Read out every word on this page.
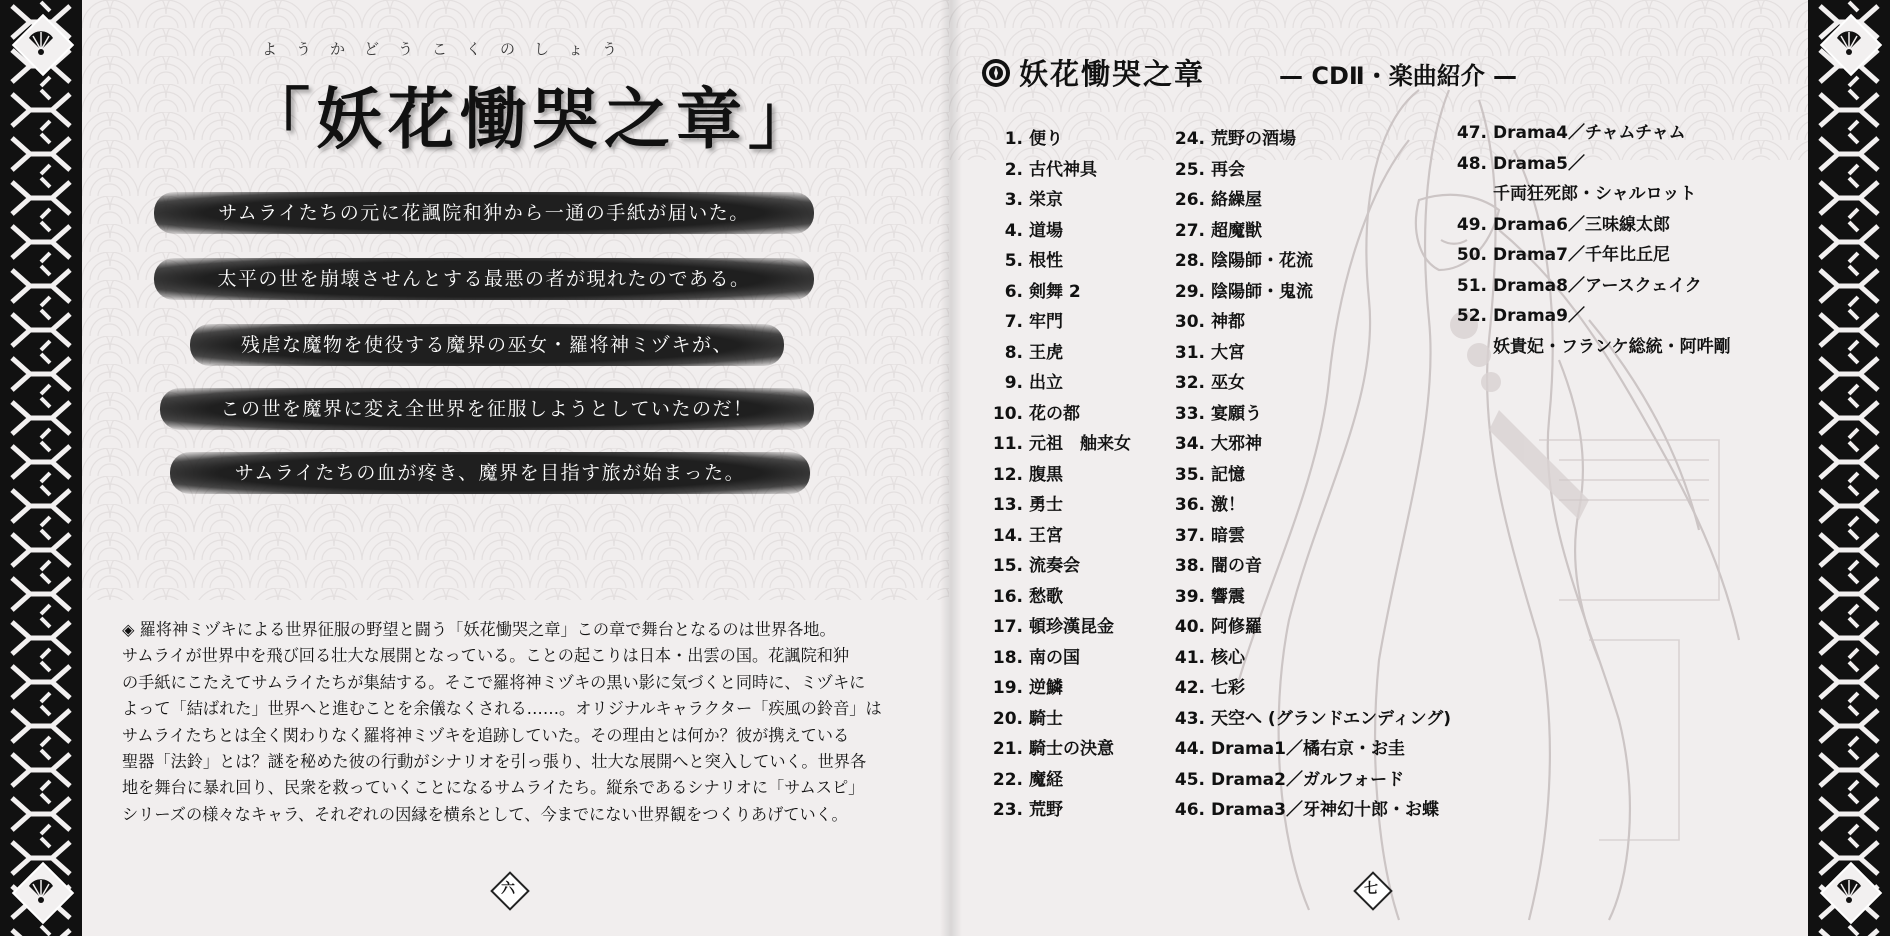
ようかどうこくのしょう
「妖花慟哭之章」
サムライたちの元に花諷院和狆から一通の手紙が届いた。
太平の世を崩壊させんとする最悪の者が現れたのである。
残虐な魔物を使役する魔界の巫女・羅将神ミヅキが、
この世を魔界に変え全世界を征服しようとしていたのだ！
サムライたちの血が疼き、魔界を目指す旅が始まった。

◈ 羅将神ミヅキによる世界征服の野望と闘う「妖花慟哭之章」この章で舞台となるのは世界各地。

サムライが世界中を飛び回る壮大な展開となっている。ことの起こりは日本・出雲の国。花諷院和狆

の手紙にこたえてサムライたちが集結する。そこで羅将神ミヅキの黒い影に気づくと同時に、ミヅキに

よって「結ばれた」世界へと進むことを余儀なくされる……。オリジナルキャラクター「疾風の鈴音」は

サムライたちとは全く関わりなく羅将神ミヅキを追跡していた。その理由とは何か？彼が携えている

聖器「法鈴」とは？謎を秘めた彼の行動がシナリオを引っ張り、壮大な展開へと突入していく。世界各

地を舞台に暴れ回り、民衆を救っていくことになるサムライたち。縦糸であるシナリオに「サムスピ」

シリーズの様々なキャラ、それぞれの因縁を横糸として、今までにない世界観をつくりあげていく。

六
妖花慟哭之章	— CDⅡ・楽曲紹介 —
1. 便り
2. 古代神具
3. 栄京
4. 道場
5. 根性
6. 剣舞 2
7. 牢門
8. 王虎
9. 出立
10. 花の都
11. 元祖　舳来女
12. 腹黒
13. 勇士
14. 王宮
15. 流奏会
16. 愁歌
17. 頓珍漢昆金
18. 南の国
19. 逆鱗
20. 騎士
21. 騎士の決意
22. 魔経
23. 荒野
24. 荒野の酒場
25. 再会
26. 絡繰屋
27. 超魔獣
28. 陰陽師・花流
29. 陰陽師・鬼流
30. 神都
31. 大宮
32. 巫女
33. 宴願う
34. 大邪神
35. 記憶
36. 激！
37. 暗雲
38. 闇の音
39. 響震
40. 阿修羅
41. 核心
42. 七彩
43. 天空へ (グランドエンディング)
44. Drama1／橘右京・お圭
45. Drama2／ガルフォード
46. Drama3／牙神幻十郎・お蝶
47. Drama4／チャムチャム
48. Drama5／
千両狂死郎・シャルロット
49. Drama6／三味線太郎
50. Drama7／千年比丘尼
51. Drama8／アースクェイク
52. Drama9／
妖貴妃・フランケ総統・阿吽剛
七
